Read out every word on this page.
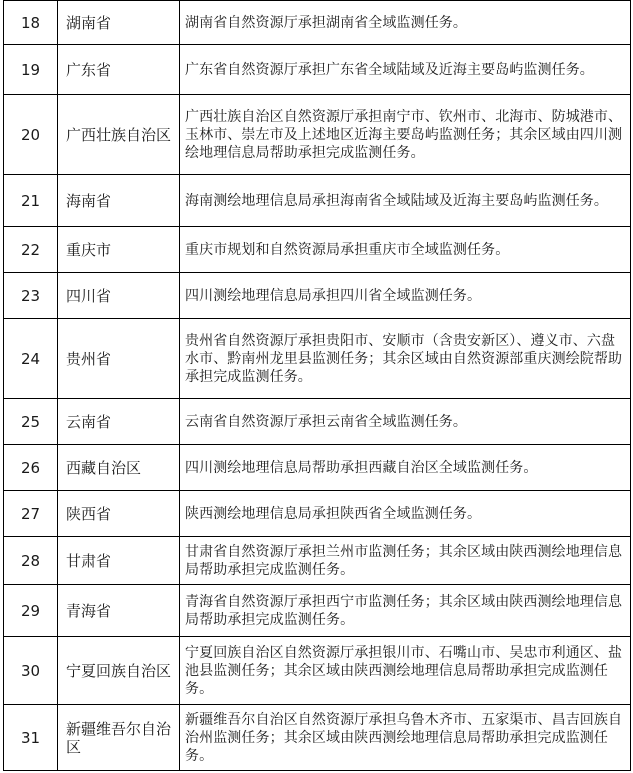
18	湖南省	湖南省自然资源厅承担湖南省全域监测任务。
19	广东省	广东省自然资源厅承担广东省全域陆域及近海主要岛屿监测任务。
20	广西壮族自治区	广西壮族自治区自然资源厅承担南宁市、钦州市、北海市、防城港市、玉林市、崇左市及上述地区近海主要岛屿监测任务；其余区域由四川测绘地理信息局帮助承担完成监测任务。
21	海南省	海南测绘地理信息局承担海南省全域陆域及近海主要岛屿监测任务。
22	重庆市	重庆市规划和自然资源局承担重庆市全域监测任务。
23	四川省	四川测绘地理信息局承担四川省全域监测任务。
24	贵州省	贵州省自然资源厅承担贵阳市、安顺市（含贵安新区）、遵义市、六盘水市、黔南州龙里县监测任务；其余区域由自然资源部重庆测绘院帮助承担完成监测任务。
25	云南省	云南省自然资源厅承担云南省全域监测任务。
26	西藏自治区	四川测绘地理信息局帮助承担西藏自治区全域监测任务。
27	陕西省	陕西测绘地理信息局承担陕西省全域监测任务。
28	甘肃省	甘肃省自然资源厅承担兰州市监测任务；其余区域由陕西测绘地理信息局帮助承担完成监测任务。
29	青海省	青海省自然资源厅承担西宁市监测任务；其余区域由陕西测绘地理信息局帮助承担完成监测任务。
30	宁夏回族自治区	宁夏回族自治区自然资源厅承担银川市、石嘴山市、吴忠市利通区、盐池县监测任务；其余区域由陕西测绘地理信息局帮助承担完成监测任务。
31	新疆维吾尔自治区	新疆维吾尔自治区自然资源厅承担乌鲁木齐市、五家渠市、昌吉回族自治州监测任务；其余区域由陕西测绘地理信息局帮助承担完成监测任务。
